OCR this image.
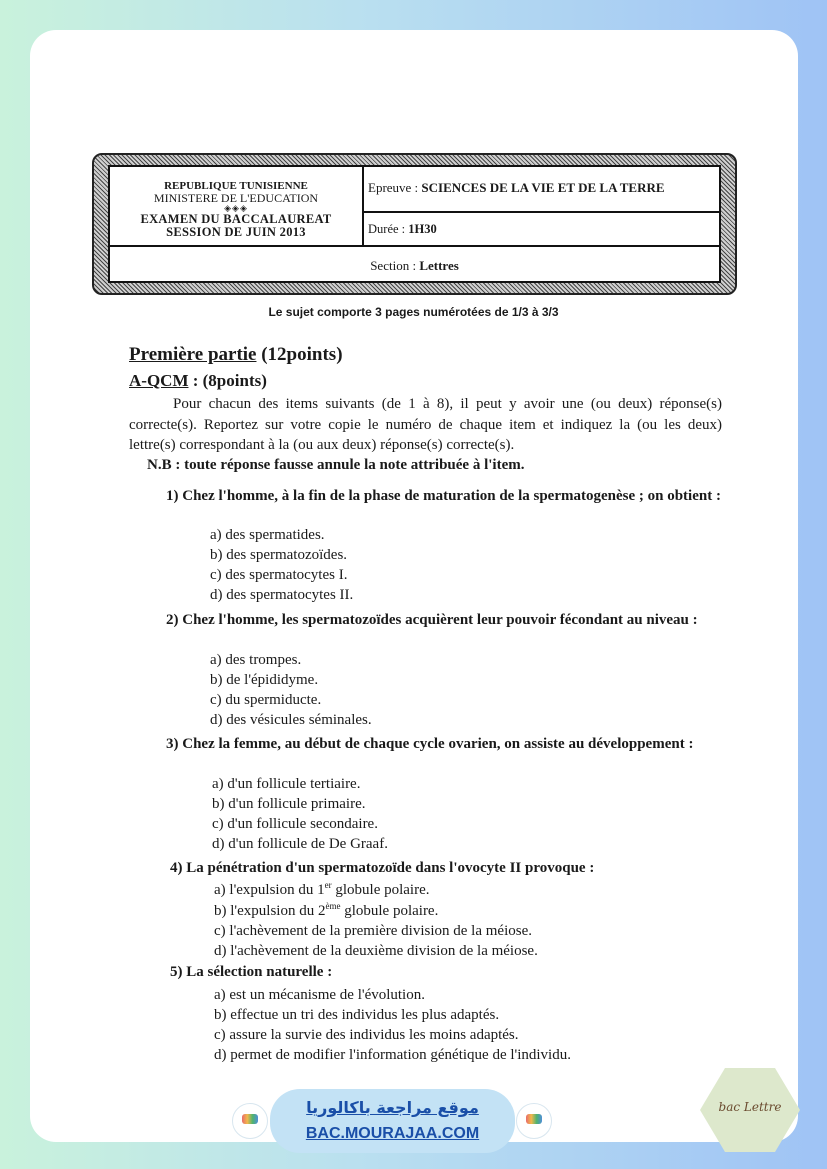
REPUBLIQUE TUNISIENNE
MINISTERE DE L'EDUCATION
◈◈◈
EXAMEN DU BACCALAUREAT
SESSION DE JUIN 2013
Epreuve : SCIENCES DE LA VIE ET DE LA TERRE
Durée : 1H30
Section : Lettres
Le sujet comporte 3 pages numérotées de 1/3 à 3/3
Première partie (12points)
A-QCM : (8points)
Pour chacun des items suivants (de 1 à 8), il peut y avoir une (ou deux) réponse(s) correcte(s). Reportez sur votre copie le numéro de chaque item et indiquez la (ou les deux) lettre(s) correspondant à la (ou aux deux) réponse(s) correcte(s).
N.B : toute réponse fausse annule la note attribuée à l'item.
1) Chez l'homme, à la fin de la phase de maturation de la spermatogenèse ; on obtient :
a) des spermatides.
b) des spermatozoïdes.
c) des spermatocytes I.
d) des spermatocytes II.
2) Chez l'homme, les spermatozoïdes acquièrent leur pouvoir fécondant au niveau :
a) des trompes.
b) de l'épididyme.
c) du spermiducte.
d) des vésicules séminales.
3) Chez la femme, au début de chaque cycle ovarien, on assiste au développement :
a) d'un follicule tertiaire.
b) d'un follicule primaire.
c) d'un follicule secondaire.
d) d'un follicule de De Graaf.
4) La pénétration d'un spermatozoïde dans l'ovocyte II provoque :
a) l'expulsion du 1er globule polaire.
b) l'expulsion du 2ème globule polaire.
c) l'achèvement de la première division de la méiose.
d) l'achèvement de la deuxième division de la méiose.
5) La sélection naturelle :
a) est un mécanisme de l'évolution.
b) effectue un tri des individus les plus adaptés.
c) assure la survie des individus les moins adaptés.
d) permet de modifier l'information génétique de l'individu.
موقع مراجعة باكالوريا
BAC.MOURAJAA.COM
bac Lettre
